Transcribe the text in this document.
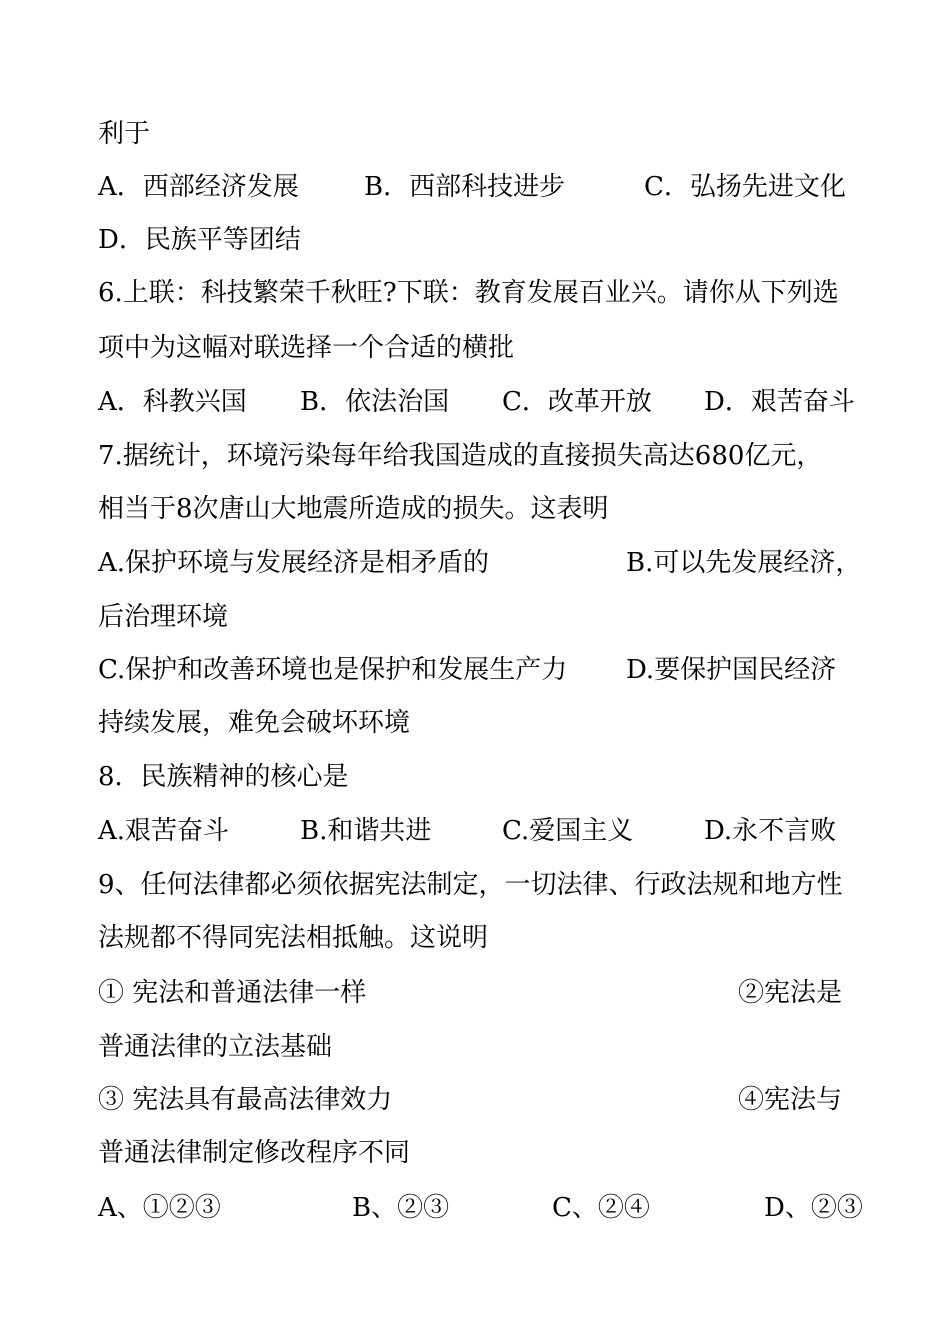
利于
A．西部经济发展	B．西部科技进步	C．弘扬先进文化
D．民族平等团结
6.上联：科技繁荣千秋旺?下联：教育发展百业兴。请你从下列选
项中为这幅对联选择一个合适的横批
A．科教兴国 B．依法治国 C．改革开放 D．艰苦奋斗
7.据统计，环境污染每年给我国造成的直接损失高达680亿元，
相当于8次唐山大地震所造成的损失。这表明
A.保护环境与发展经济是相矛盾的	B.可以先发展经济，
后治理环境
C.保护和改善环境也是保护和发展生产力 D.要保护国民经济
持续发展，难免会破坏环境
8．民族精神的核心是
A.艰苦奋斗	B.和谐共进	C.爱国主义	D.永不言败
9、任何法律都必须依据宪法制定，一切法律、行政法规和地方性
法规都不得同宪法相抵触。这说明
① 宪法和普通法律一样	②宪法是
普通法律的立法基础
③ 宪法具有最高法律效力	④宪法与
普通法律制定修改程序不同
A、①②③	B、②③	C、②④	D、②③
